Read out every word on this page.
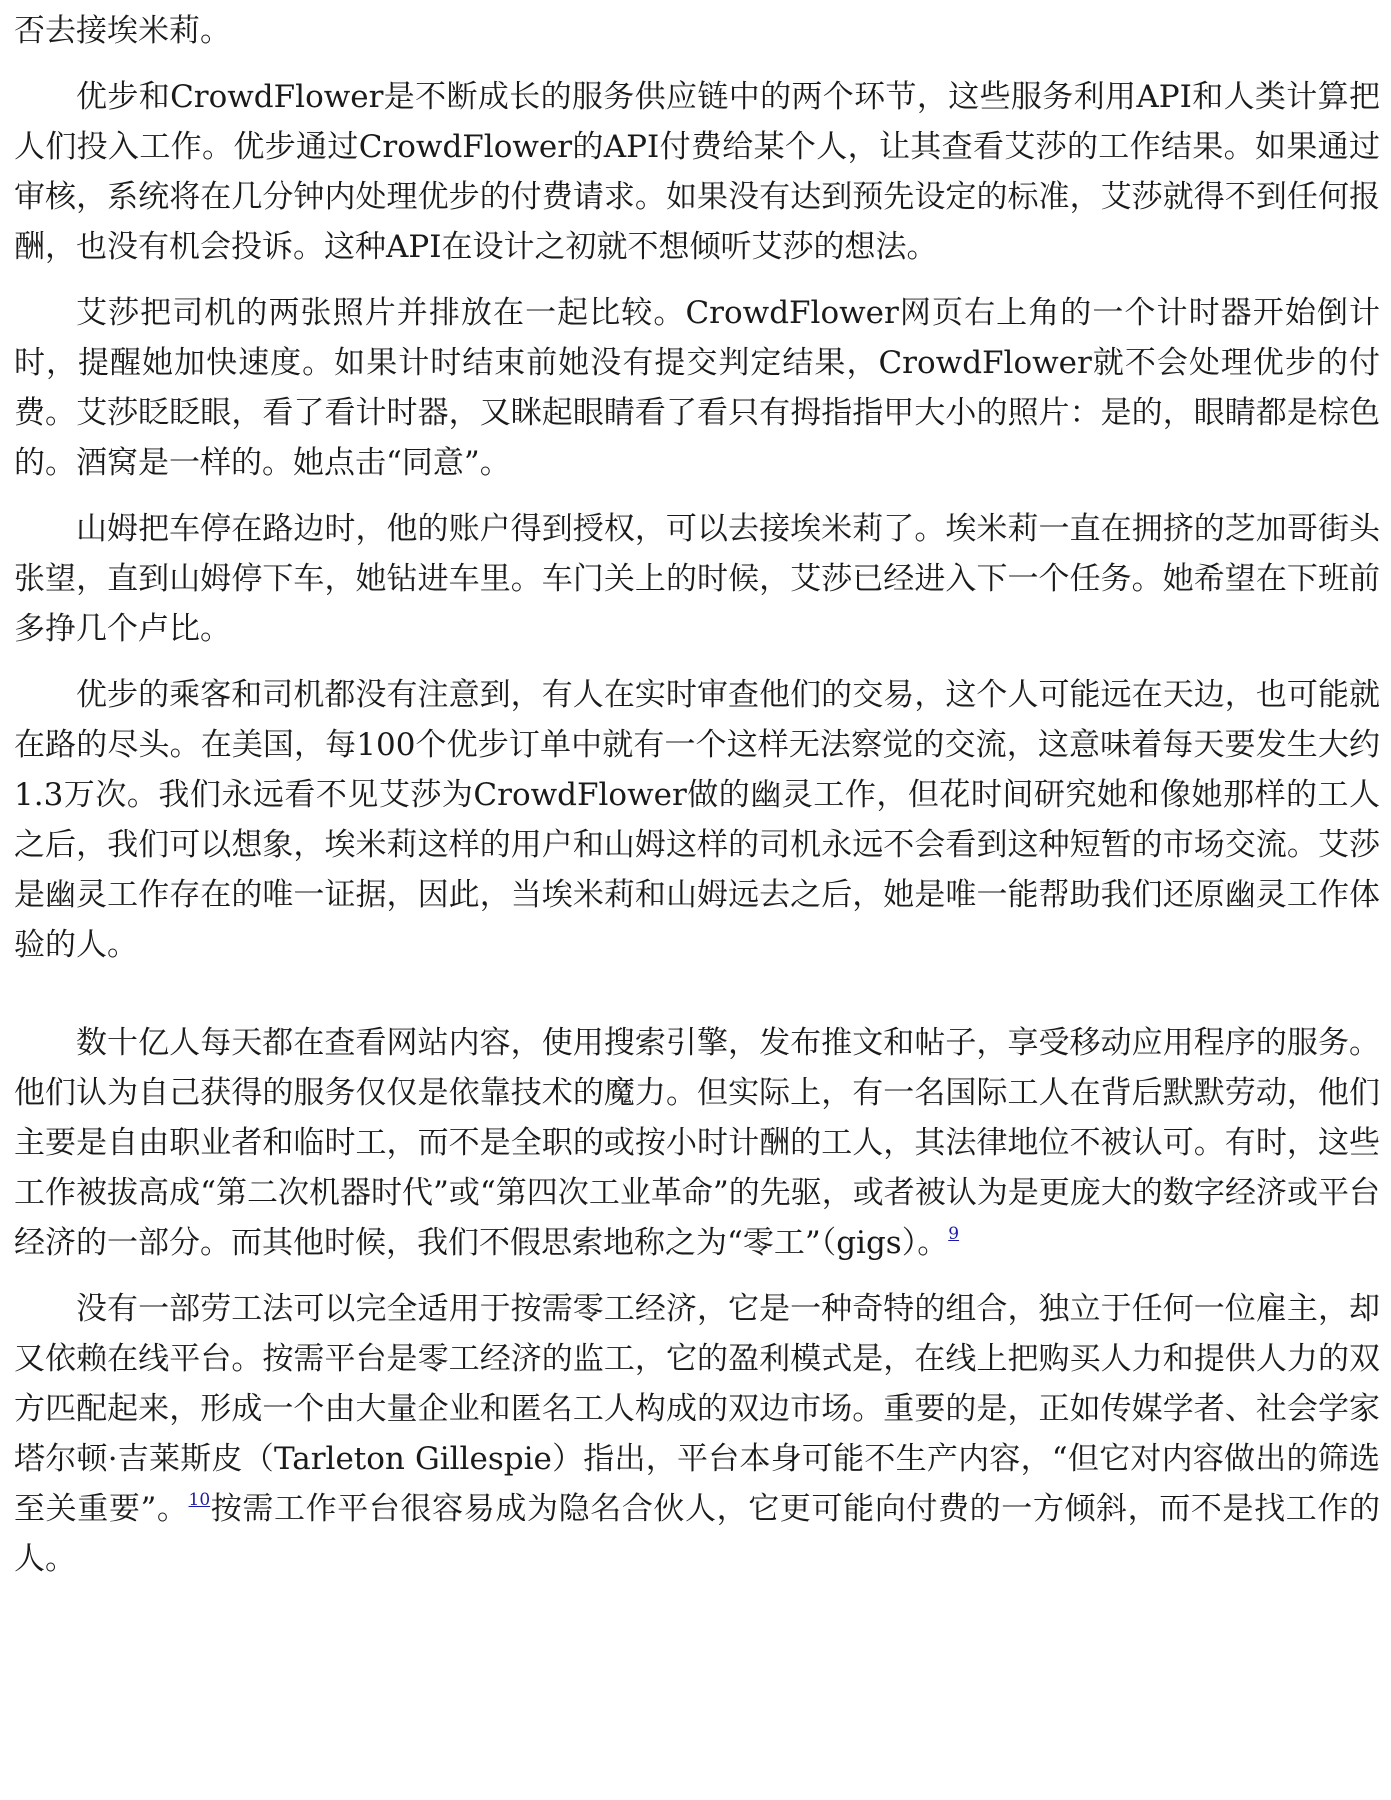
否去接埃米莉。

优步和CrowdFlower是不断成长的服务供应链中的两个环节，这些服务利用API和人类计算把人们投入工作。优步通过CrowdFlower的API付费给某个人，让其查看艾莎的工作结果。如果通过审核，系统将在几分钟内处理优步的付费请求。如果没有达到预先设定的标准，艾莎就得不到任何报酬，也没有机会投诉。这种API在设计之初就不想倾听艾莎的想法。

艾莎把司机的两张照片并排放在一起比较。CrowdFlower网页右上角的一个计时器开始倒计时，提醒她加快速度。如果计时结束前她没有提交判定结果，CrowdFlower就不会处理优步的付费。艾莎眨眨眼，看了看计时器，又眯起眼睛看了看只有拇指指甲大小的照片：是的，眼睛都是棕色的。酒窝是一样的。她点击“同意”。

山姆把车停在路边时，他的账户得到授权，可以去接埃米莉了。埃米莉一直在拥挤的芝加哥街头张望，直到山姆停下车，她钻进车里。车门关上的时候，艾莎已经进入下一个任务。她希望在下班前多挣几个卢比。

优步的乘客和司机都没有注意到，有人在实时审查他们的交易，这个人可能远在天边，也可能就在路的尽头。在美国，每100个优步订单中就有一个这样无法察觉的交流，这意味着每天要发生大约1.3万次。我们永远看不见艾莎为CrowdFlower做的幽灵工作，但花时间研究她和像她那样的工人之后，我们可以想象，埃米莉这样的用户和山姆这样的司机永远不会看到这种短暂的市场交流。艾莎是幽灵工作存在的唯一证据，因此，当埃米莉和山姆远去之后，她是唯一能帮助我们还原幽灵工作体验的人。

数十亿人每天都在查看网站内容，使用搜索引擎，发布推文和帖子，享受移动应用程序的服务。他们认为自己获得的服务仅仅是依靠技术的魔力。但实际上，有一名国际工人在背后默默劳动，他们主要是自由职业者和临时工，而不是全职的或按小时计酬的工人，其法律地位不被认可。有时，这些工作被拔高成“第二次机器时代”或“第四次工业革命”的先驱，或者被认为是更庞大的数字经济或平台经济的一部分。而其他时候，我们不假思索地称之为“零工”（gigs）。$^9$

没有一部劳工法可以完全适用于按需零工经济，它是一种奇特的组合，独立于任何一位雇主，却又依赖在线平台。按需平台是零工经济的监工，它的盈利模式是，在线上把购买人力和提供人力的双方匹配起来，形成一个由大量企业和匿名工人构成的双边市场。重要的是，正如传媒学者、社会学家塔尔顿·吉莱斯皮（Tarleton Gillespie）指出，平台本身可能不生产内容，“但它对内容做出的筛选至关重要”。$^{10}$按需工作平台很容易成为隐名合伙人，它更可能向付费的一方倾斜，而不是找工作的人。
